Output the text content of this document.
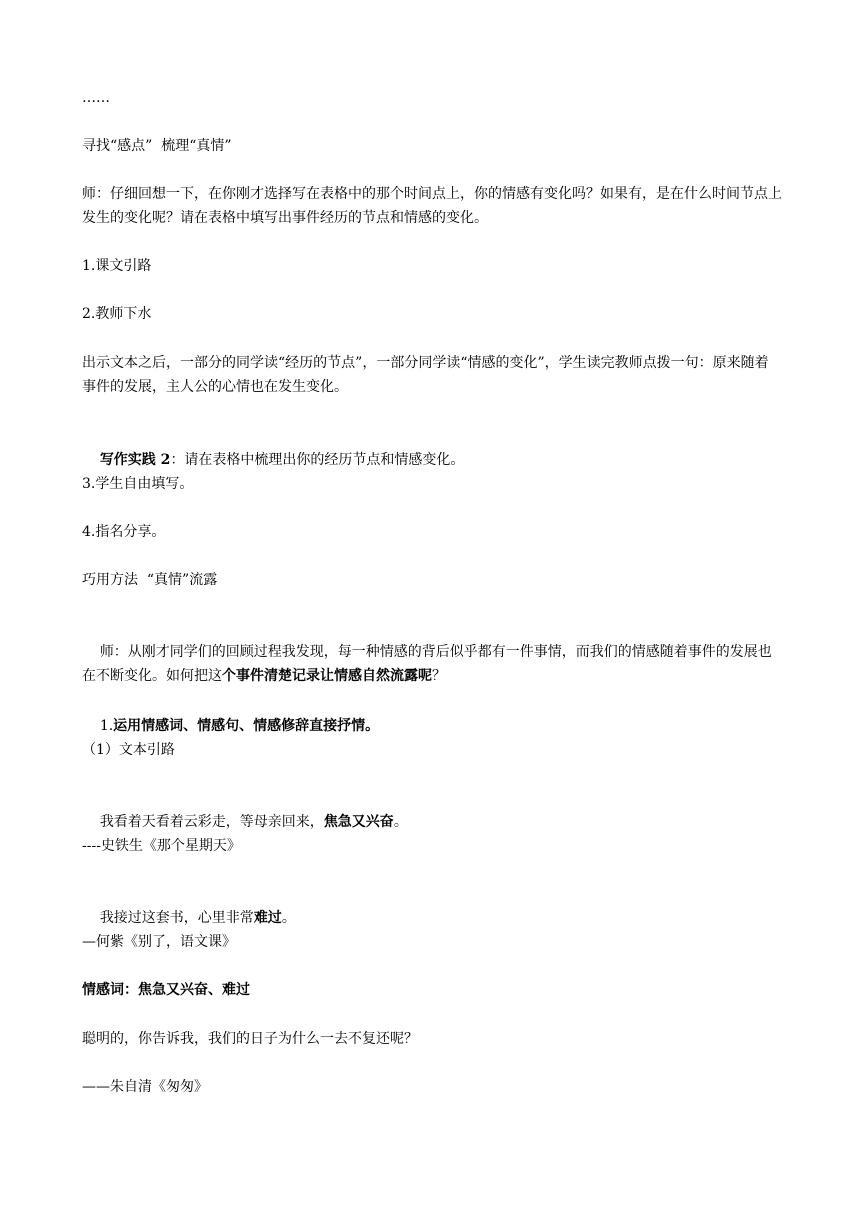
……
寻找“感点”  梳理“真情”
师：仔细回想一下，在你刚才选择写在表格中的那个时间点上，你的情感有变化吗？如果有，是在什么时间节点上发生的变化呢？请在表格中填写出事件经历的节点和情感的变化。
1.课文引路
2.教师下水
出示文本之后，一部分的同学读“经历的节点”，一部分同学读“情感的变化”，学生读完教师点拨一句：原来随着事件的发展，主人公的心情也在发生变化。

写作实践 2：请在表格中梳理出你的经历节点和情感变化。

3.学生自由填写。
4.指名分享。
巧用方法  “真情”流露

师：从刚才同学们的回顾过程我发现，每一种情感的背后似乎都有一件事情，而我们的情感随着事件的发展也在不断变化。如何把这个事件清楚记录让情感自然流露呢？

1.运用情感词、情感句、情感修辞直接抒情。

（1）文本引路

我看着天看着云彩走，等母亲回来，焦急又兴奋。

----史铁生《那个星期天》

我接过这套书，心里非常难过。

—何紫《别了，语文课》
情感词：焦急又兴奋、难过
聪明的，你告诉我，我们的日子为什么一去不复还呢？
——朱自清《匆匆》
